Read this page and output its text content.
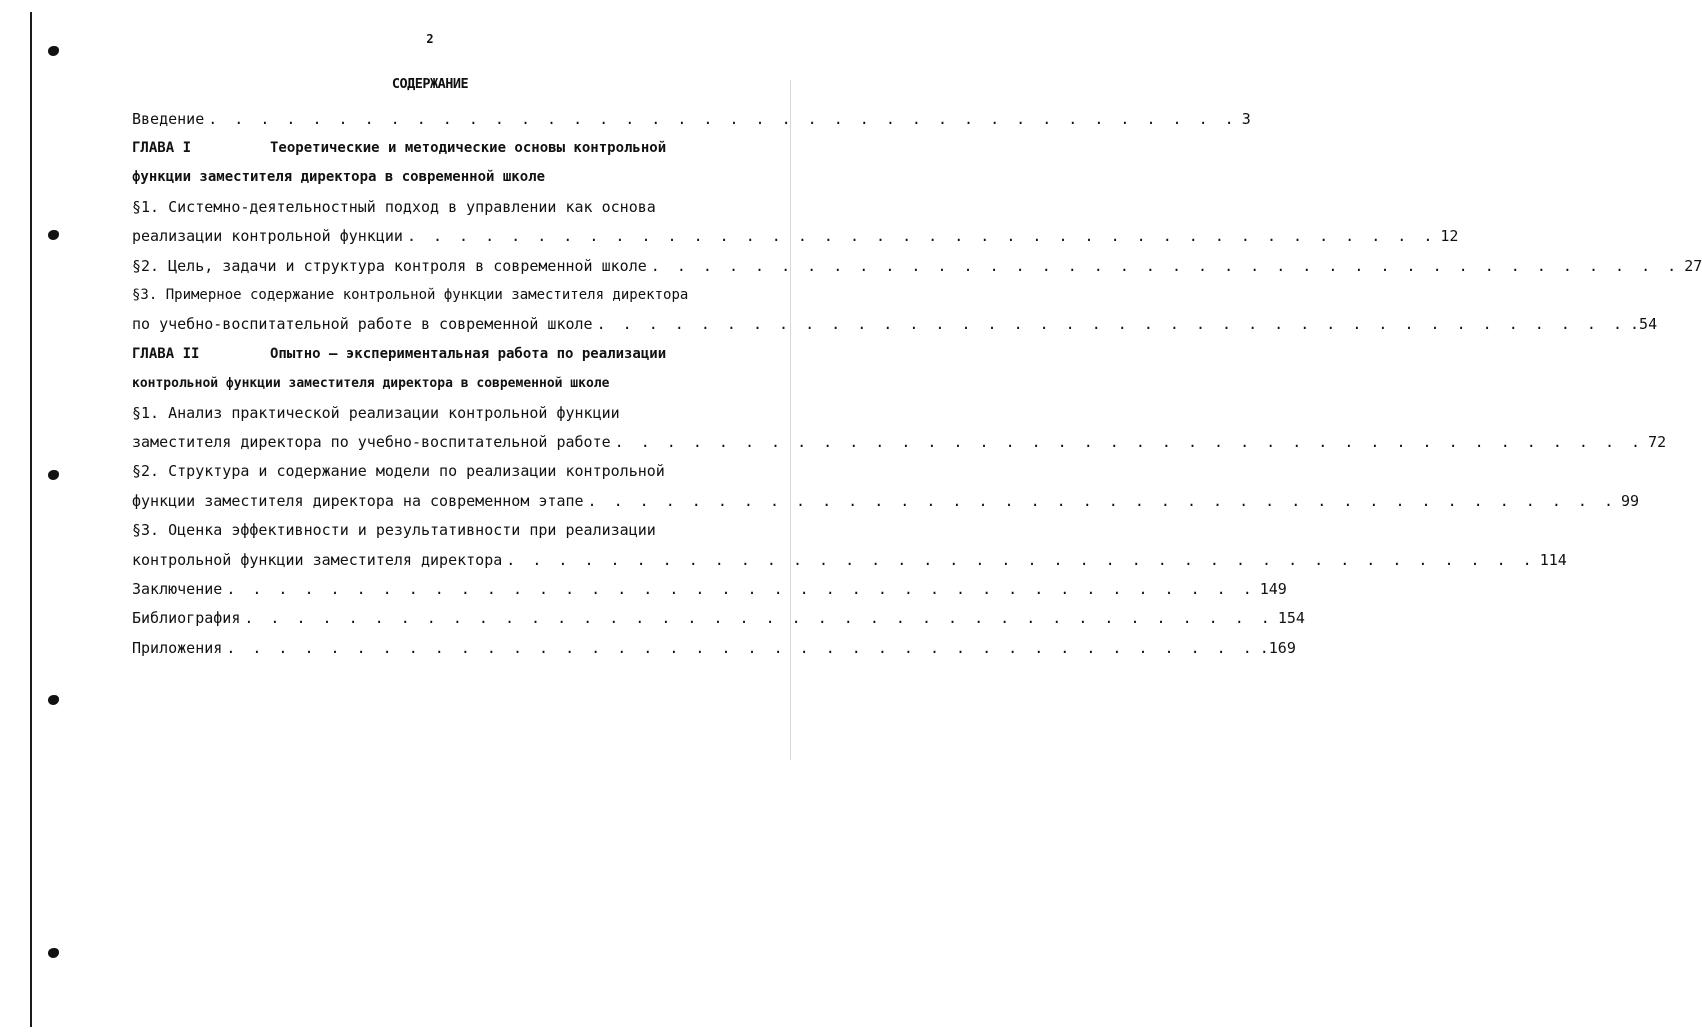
2
СОДЕРЖАНИЕ
Введение . . . . . . . . . . . . . . . . . . . . . . . . . . . . . . . . . . . . . . . . 3
ГЛАВА I	Теоретические и методические основы контрольной
функции заместителя директора в современной школе
§1. Системно-деятельностный подход в управлении как основа
реализации контрольной функции . . . . . . . . . . . . . . . . . . . . . . . . . . . . . . . . . . . . . . . . 12
§2. Цель, задачи и структура контроля в современной школе . . . . . . . . . . . . . . . . . . . . . . . . . . . . . . . . . . . . . . . . 27
§3. Примерное содержание контрольной функции заместителя директора
по учебно-воспитательной работе в современной школе . . . . . . . . . . . . . . . . . . . . . . . . . . . . . . . . . . . . . . . . .54
ГЛАВА II	Опытно – экспериментальная работа по реализации
контрольной функции заместителя директора в современной школе
§1. Анализ практической реализации контрольной функции
заместителя директора по учебно-воспитательной работе . . . . . . . . . . . . . . . . . . . . . . . . . . . . . . . . . . . . . . . . 72
§2. Структура и содержание модели по реализации контрольной
функции заместителя директора на современном этапе . . . . . . . . . . . . . . . . . . . . . . . . . . . . . . . . . . . . . . . . 99
§3. Оценка эффективности и результативности при реализации
контрольной функции заместителя директора . . . . . . . . . . . . . . . . . . . . . . . . . . . . . . . . . . . . . . . . 114
Заключение . . . . . . . . . . . . . . . . . . . . . . . . . . . . . . . . . . . . . . . . 149
Библиография . . . . . . . . . . . . . . . . . . . . . . . . . . . . . . . . . . . . . . . . 154
Приложения . . . . . . . . . . . . . . . . . . . . . . . . . . . . . . . . . . . . . . . . .169
